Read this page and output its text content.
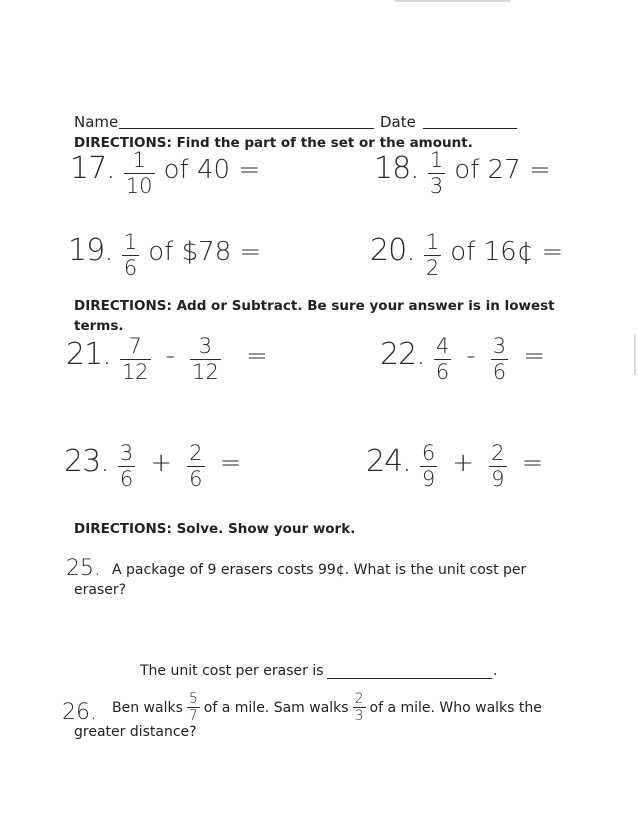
Name	Date
DIRECTIONS: Find the part of the set or the amount.
17. $\frac{1}{10}$ of 40 =	18. $\frac{1}{3}$ of 27 =
19. $\frac{1}{6}$ of $78 =	20. $\frac{1}{2}$ of 16¢ =
DIRECTIONS: Add or Subtract. Be sure your answer is in lowest
terms.
21. $\frac{7}{12} - \frac{3}{12}$ =	22. $\frac{4}{6} - \frac{3}{6}$ =
23. $\frac{3}{6} + \frac{2}{6}$ =	24. $\frac{6}{9} + \frac{2}{9}$ =
DIRECTIONS: Solve. Show your work.
25. A package of 9 erasers costs 99¢. What is the unit cost per
eraser?
The unit cost per eraser is	.
26. Ben walks $\frac{5}{7}$ of a mile. Sam walks $\frac{2}{3}$ of a mile. Who walks the
greater distance?
